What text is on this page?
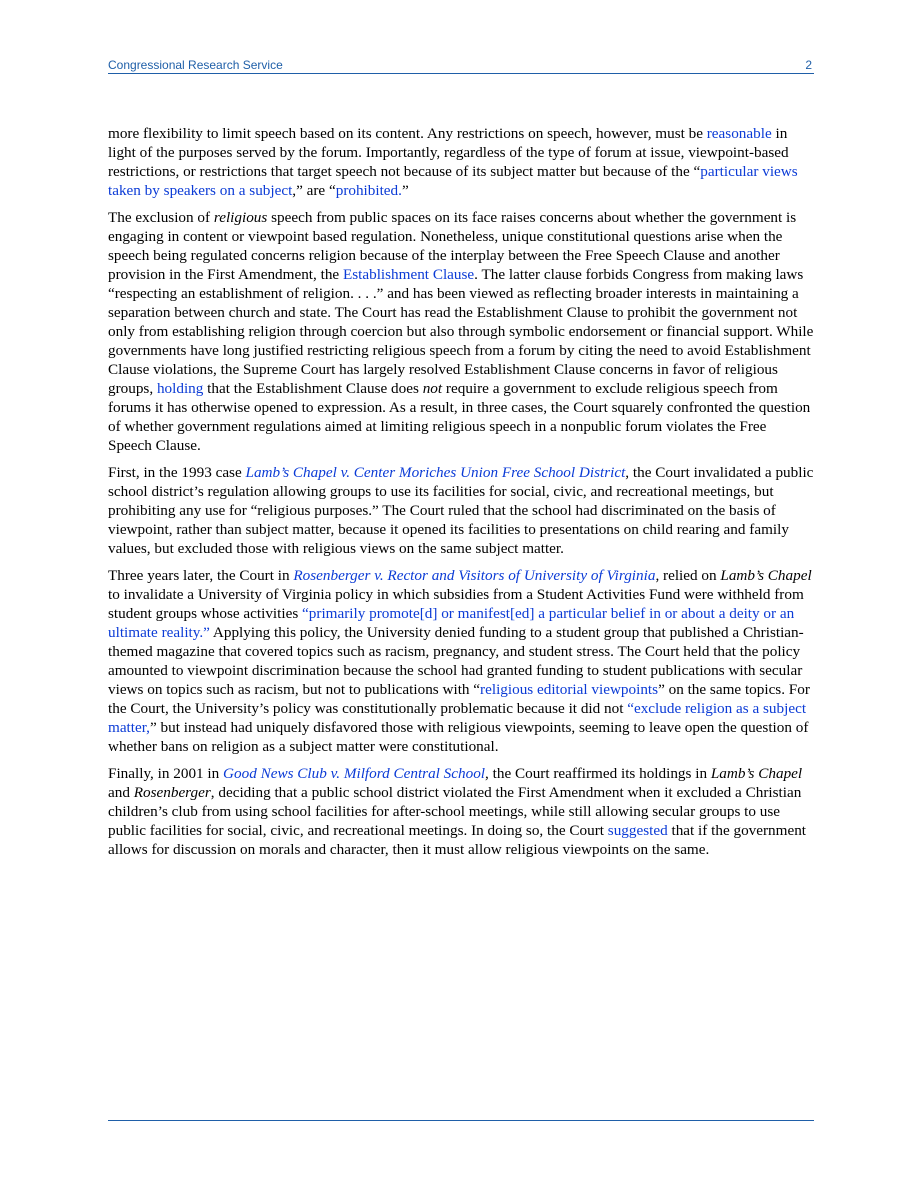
Congressional Research Service	2

more flexibility to limit speech based on its content. Any restrictions on speech, however, must be reasonable in light of the purposes served by the forum. Importantly, regardless of the type of forum at issue, viewpoint-based restrictions, or restrictions that target speech not because of its subject matter but because of the “particular views taken by speakers on a subject,” are “prohibited.”

The exclusion of religious speech from public spaces on its face raises concerns about whether the government is engaging in content or viewpoint based regulation. Nonetheless, unique constitutional questions arise when the speech being regulated concerns religion because of the interplay between the Free Speech Clause and another provision in the First Amendment, the Establishment Clause. The latter clause forbids Congress from making laws “respecting an establishment of religion. . . .” and has been viewed as reflecting broader interests in maintaining a separation between church and state. The Court has read the Establishment Clause to prohibit the government not only from establishing religion through coercion but also through symbolic endorsement or financial support. While governments have long justified restricting religious speech from a forum by citing the need to avoid Establishment Clause violations, the Supreme Court has largely resolved Establishment Clause concerns in favor of religious groups, holding that the Establishment Clause does not require a government to exclude religious speech from forums it has otherwise opened to expression. As a result, in three cases, the Court squarely confronted the question of whether government regulations aimed at limiting religious speech in a nonpublic forum violates the Free Speech Clause.

First, in the 1993 case Lamb’s Chapel v. Center Moriches Union Free School District, the Court invalidated a public school district’s regulation allowing groups to use its facilities for social, civic, and recreational meetings, but prohibiting any use for “religious purposes.” The Court ruled that the school had discriminated on the basis of viewpoint, rather than subject matter, because it opened its facilities to presentations on child rearing and family values, but excluded those with religious views on the same subject matter.

Three years later, the Court in Rosenberger v. Rector and Visitors of University of Virginia, relied on Lamb’s Chapel to invalidate a University of Virginia policy in which subsidies from a Student Activities Fund were withheld from student groups whose activities “primarily promote[d] or manifest[ed] a particular belief in or about a deity or an ultimate reality.” Applying this policy, the University denied funding to a student group that published a Christian-themed magazine that covered topics such as racism, pregnancy, and student stress. The Court held that the policy amounted to viewpoint discrimination because the school had granted funding to student publications with secular views on topics such as racism, but not to publications with “religious editorial viewpoints” on the same topics. For the Court, the University’s policy was constitutionally problematic because it did not “exclude religion as a subject matter,” but instead had uniquely disfavored those with religious viewpoints, seeming to leave open the question of whether bans on religion as a subject matter were constitutional.

Finally, in 2001 in Good News Club v. Milford Central School, the Court reaffirmed its holdings in Lamb’s Chapel and Rosenberger, deciding that a public school district violated the First Amendment when it excluded a Christian children’s club from using school facilities for after-school meetings, while still allowing secular groups to use public facilities for social, civic, and recreational meetings. In doing so, the Court suggested that if the government allows for discussion on morals and character, then it must allow religious viewpoints on the same.
